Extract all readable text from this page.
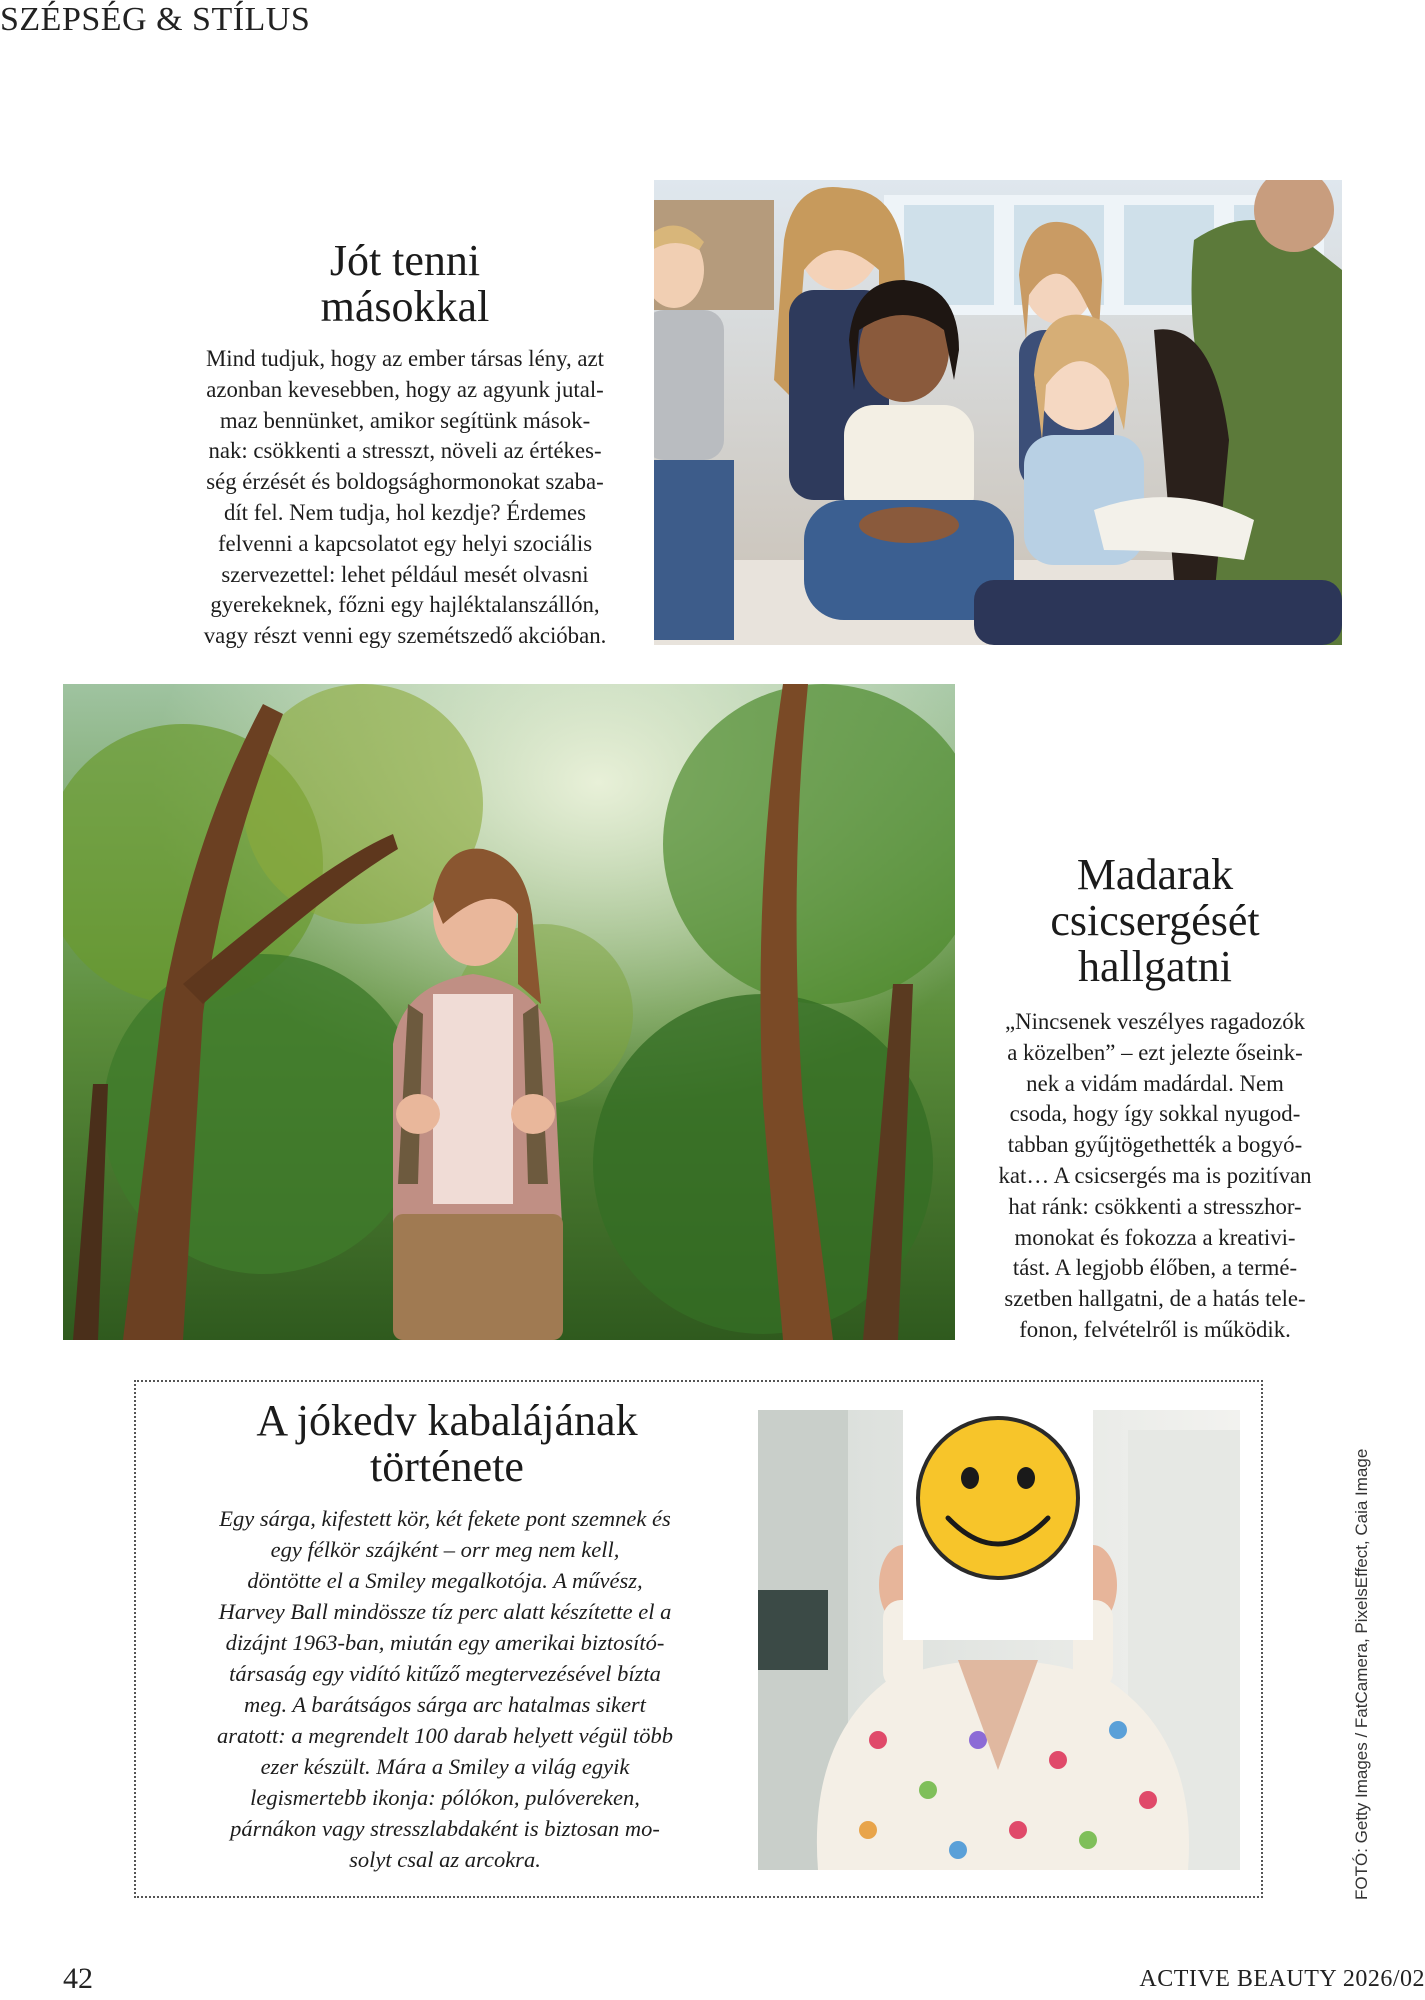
SZÉPSÉG & STÍLUS
Jót tenni
másokkal

Mind tudjuk, hogy az ember társas lény, azt
azonban kevesebben, hogy az agyunk jutal-
maz bennünket, amikor segítünk mások-
nak: csökkenti a stresszt, növeli az értékes-
ség érzését és boldogsághormonokat szaba-
dít fel. Nem tudja, hol kezdje? Érdemes
felvenni a kapcsolatot egy helyi szociális
szervezettel: lehet például mesét olvasni
gyerekeknek, főzni egy hajléktalanszállón,
vagy részt venni egy szemétszedő akcióban.

Madarak
csicsergését
hallgatni

„Nincsenek veszélyes ragadozók
a közelben” – ezt jelezte őseink-
nek a vidám madárdal. Nem
csoda, hogy így sokkal nyugod-
tabban gyűjtögethették a bogyó-
kat… A csicsergés ma is pozitívan
hat ránk: csökkenti a stresszhor-
monokat és fokozza a kreativi-
tást. A legjobb élőben, a termé-
szetben hallgatni, de a hatás tele-
fonon, felvételről is működik.

A jókedv kabalájának
története

Egy sárga, kifestett kör, két fekete pont szemnek és
egy félkör szájként – orr meg nem kell,
döntötte el a Smiley megalkotója. A művész,
Harvey Ball mindössze tíz perc alatt készítette el a
dizájnt 1963-ban, miután egy amerikai biztosító-
társaság egy vidító kitűző megtervezésével bízta
meg. A barátságos sárga arc hatalmas sikert
aratott: a megrendelt 100 darab helyett végül több
ezer készült. Mára a Smiley a világ egyik
legismertebb ikonja: pólókon, pulóvereken,
párnákon vagy stresszlabdaként is biztosan mo-
solyt csal az arcokra.	FOTÓ: Getty Images / FatCamera, PixelsEffect, Caia Image
42	ACTIVE BEAUTY 2026/02
